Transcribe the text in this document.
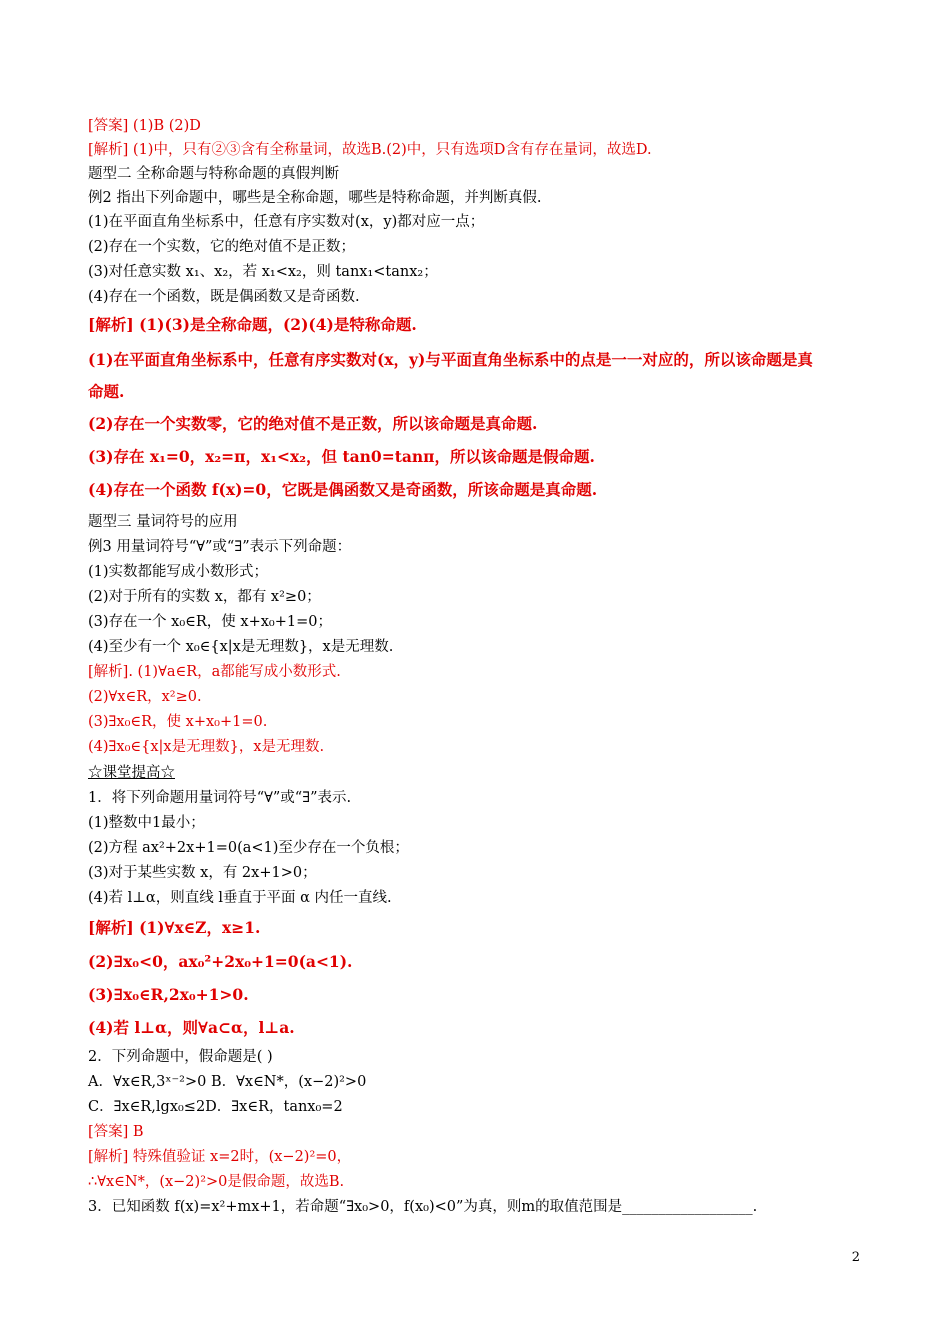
[答案] (1)B (2)D
[解析] (1)中，只有②③含有全称量词，故选B.(2)中，只有选项D含有存在量词，故选D.
题型二 全称命题与特称命题的真假判断
例2 指出下列命题中，哪些是全称命题，哪些是特称命题，并判断真假.
(1)在平面直角坐标系中，任意有序实数对(x，y)都对应一点；
(2)存在一个实数，它的绝对值不是正数；
(3)对任意实数 x₁、x₂，若 x₁<x₂，则 tanx₁<tanx₂；
(4)存在一个函数，既是偶函数又是奇函数.
[解析] (1)(3)是全称命题，(2)(4)是特称命题.
(1)在平面直角坐标系中，任意有序实数对(x，y)与平面直角坐标系中的点是一一对应的，所以该命题是真
命题.
(2)存在一个实数零，它的绝对值不是正数，所以该命题是真命题.
(3)存在 x₁=0，x₂=π，x₁<x₂，但 tan0=tanπ，所以该命题是假命题.
(4)存在一个函数 f(x)=0，它既是偶函数又是奇函数，所该命题是真命题.
题型三 量词符号的应用
例3 用量词符号“∀”或“∃”表示下列命题：
(1)实数都能写成小数形式；
(2)对于所有的实数 x，都有 x²≥0；
(3)存在一个 x₀∈R，使 x+x₀+1=0；
(4)至少有一个 x₀∈{x|x是无理数}，x是无理数.
[解析]. (1)∀a∈R，a都能写成小数形式.
(2)∀x∈R，x²≥0.
(3)∃x₀∈R，使 x+x₀+1=0.
(4)∃x₀∈{x|x是无理数}，x是无理数.
☆课堂提高☆
1．将下列命题用量词符号“∀”或“∃”表示.
(1)整数中1最小；
(2)方程 ax²+2x+1=0(a<1)至少存在一个负根；
(3)对于某些实数 x，有 2x+1>0；
(4)若 l⊥α，则直线 l垂直于平面 α 内任一直线.
[解析] (1)∀x∈Z，x≥1.
(2)∃x₀<0，ax₀²+2x₀+1=0(a<1).
(3)∃x₀∈R,2x₀+1>0.
(4)若 l⊥α，则∀a⊂α，l⊥a.
2．下列命题中，假命题是( )
A．∀x∈R,3ˣ⁻²>0 B．∀x∈N*，(x−2)²>0
C．∃x∈R,lgx₀≤2D．∃x∈R，tanx₀=2
[答案] B
[解析] 特殊值验证 x=2时，(x−2)²=0，
∴∀x∈N*，(x−2)²>0是假命题，故选B.
3．已知函数 f(x)=x²+mx+1，若命题“∃x₀>0，f(x₀)<0”为真，则m的取值范围是__________________.
2
